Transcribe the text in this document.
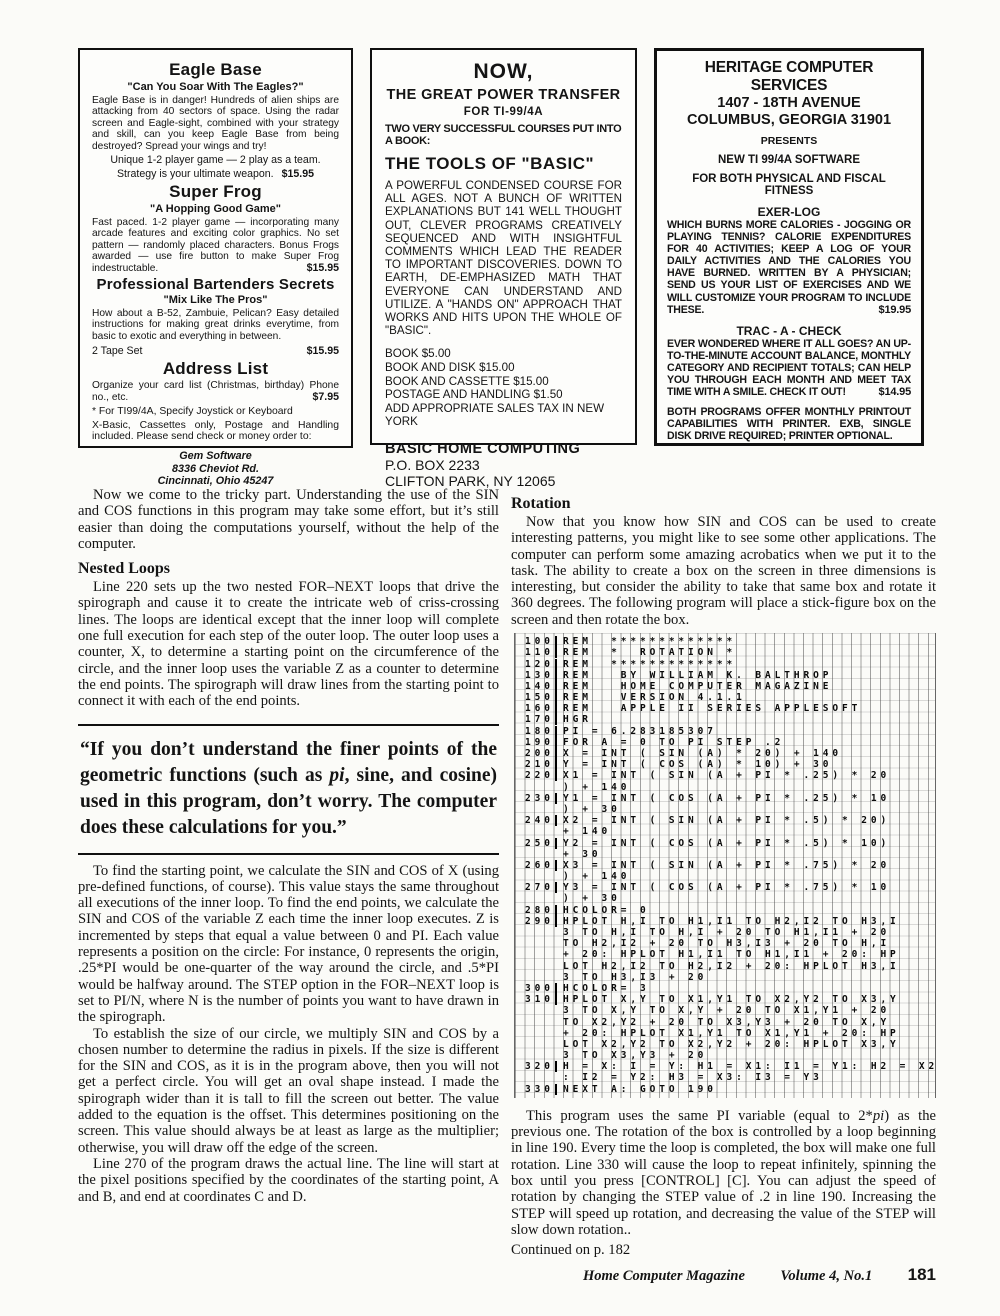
Eagle Base
"Can You Soar With The Eagles?"

Eagle Base is in danger! Hundreds of alien ships are attacking from 40 sectors of space. Using the radar screen and Eagle-sight, combined with your strategy and skill, can you keep Eagle Base from being destroyed? Spread your wings and try!

Unique 1-2 player game — 2 play as a team.
Strategy is your ultimate weapon. $15.95
Super Frog
"A Hopping Good Game"

Fast paced. 1-2 player game — incorporating many arcade features and exciting color graphics. No set pattern — randomly placed characters. Bonus Frogs awarded — use fire button to make Super Frog indestructable.	$15.95

Professional Bartenders Secrets
"Mix Like The Pros"

How about a B-52, Zambuie, Pelican? Easy detailed instructions for making great drinks everytime, from basic to exotic and everything in between.

2 Tape Set	$15.95
Address List

Organize your card list (Christmas, birthday) Phone no., etc.	$7.95

* For TI99/4A, Specify Joystick or Keyboard

X-Basic, Cassettes only, Postage and Handling included. Please send check or money order to:

Gem Software
8336 Cheviot Rd.
Cincinnati, Ohio 45247
NOW,
THE GREAT POWER TRANSFER
FOR TI-99/4A

TWO VERY SUCCESSFUL COURSES PUT INTO A BOOK:

THE TOOLS OF "BASIC"

A POWERFUL CONDENSED COURSE FOR ALL AGES. NOT A BUNCH OF WRITTEN EXPLANATIONS BUT 141 WELL THOUGHT OUT, CLEVER PROGRAMS CREATIVELY SEQUENCED AND WITH INSIGHTFUL COMMENTS WHICH LEAD THE READER TO IMPORTANT DISCOVERIES. DOWN TO EARTH, DE-EMPHASIZED MATH THAT EVERYONE CAN UNDERSTAND AND UTILIZE. A "HANDS ON" APPROACH THAT WORKS AND HITS UPON THE WHOLE OF "BASIC".

BOOK $5.00
BOOK AND DISK $15.00
BOOK AND CASSETTE $15.00
POSTAGE AND HANDLING $1.50
ADD APPROPRIATE SALES TAX IN NEW YORK
BASIC HOME COMPUTING
P.O. BOX 2233
CLIFTON PARK, NY 12065
HERITAGE COMPUTER SERVICES
1407 - 18TH AVENUE
COLUMBUS, GEORGIA 31901
PRESENTS
NEW TI 99/4A SOFTWARE
FOR BOTH PHYSICAL AND FISCAL FITNESS
EXER-LOG

WHICH BURNS MORE CALORIES - JOGGING OR PLAYING TENNIS? CALORIE EXPENDITURES FOR 40 ACTIVITIES; KEEP A LOG OF YOUR DAILY ACTIVITIES AND THE CALORIES YOU HAVE BURNED. WRITTEN BY A PHYSICIAN; SEND US YOUR LIST OF EXERCISES AND WE WILL CUSTOMIZE YOUR PROGRAM TO INCLUDE THESE.	$19.95

TRAC - A - CHECK

EVER WONDERED WHERE IT ALL GOES? AN UP-TO-THE-MINUTE ACCOUNT BALANCE, MONTHLY CATEGORY AND RECIPIENT TOTALS; CAN HELP YOU THROUGH EACH MONTH AND MEET TAX TIME WITH A SMILE. CHECK IT OUT!	$14.95

BOTH PROGRAMS OFFER MONTHLY PRINTOUT CAPABILITIES WITH PRINTER. EXB, SINGLE DISK DRIVE REQUIRED; PRINTER OPTIONAL.

Now we come to the tricky part. Understanding the use of the SIN and COS functions in this program may take some effort, but it’s still easier than doing the computations yourself, without the help of the computer.

Nested Loops

Line 220 sets up the two nested FOR–NEXT loops that drive the spirograph and cause it to create the intricate web of criss-crossing lines. The loops are identical except that the inner loop will complete one full execution for each step of the outer loop. The outer loop uses a counter, X, to determine a starting point on the circumference of the circle, and the inner loop uses the variable Z as a counter to determine the end points. The spirograph will draw lines from the starting point to connect it with each of the end points.

“If you don’t understand the finer points of the geometric functions (such as pi, sine, and cosine) used in this program, don’t worry. The computer does these calculations for you.”

To find the starting point, we calculate the SIN and COS of X (using pre-defined functions, of course). This value stays the same throughout all executions of the inner loop. To find the end points, we calculate the SIN and COS of the variable Z each time the inner loop executes. Z is incremented by steps that equal a value between 0 and PI. Each value represents a position on the circle: For instance, 0 represents the origin, .25*PI would be one-quarter of the way around the circle, and .5*PI would be halfway around. The STEP option in the FOR–NEXT loop is set to PI/N, where N is the number of points you want to have drawn in the spirograph.

To establish the size of our circle, we multiply SIN and COS by a chosen number to determine the radius in pixels. If the size is different for the SIN and COS, as it is in the program above, then you will not get a perfect circle. You will get an oval shape instead. I made the spirograph wider than it is tall to fill the screen out better. The value added to the equation is the offset. This determines positioning on the screen. This value should always be at least as large as the multiplier; otherwise, you will draw off the edge of the screen.

Line 270 of the program draws the actual line. The line will start at the pixel positions specified by the coordinates of the starting point, A and B, and end at coordinates C and D.

Rotation

Now that you know how SIN and COS can be used to create interesting patterns, you might like to see some other applications. The computer can perform some amazing acrobatics when we put it to the task. The ability to create a box on the screen in three dimensions is interesting, but consider the ability to take that same box and rotate it 360 degrees. The following program will place a stick-figure box on the screen and then rotate the box.

100 REM  *************
110 REM  *  ROTATION *
120 REM  *************
130 REM   BY WILLIAM K. BALTHROP
140 REM   HOME COMPUTER MAGAZINE
150 REM   VERSION 4.1.1
160 REM   APPLE II SERIES APPLESOFT
170 HGR
180 PI = 6.283185307
190 FOR A = 0 TO PI STEP .2
200 X = INT ( SIN (A) * 20) + 140
210 Y = INT ( COS (A) * 10) + 30
220 X1 = INT ( SIN (A + PI * .25) * 20
) + 140
230 Y1 = INT ( COS (A + PI * .25) * 10
) + 30
240 X2 = INT ( SIN (A + PI * .5) * 20)
+ 140
250 Y2 = INT ( COS (A + PI * .5) * 10)
+ 30
260 X3 = INT ( SIN (A + PI * .75) * 20
) + 140
270 Y3 = INT ( COS (A + PI * .75) * 10
) + 30
280 HCOLOR= 0
290 HPLOT H,I TO H1,I1 TO H2,I2 TO H3,I
3 TO H,I TO H,I + 20 TO H1,I1 + 20
TO H2,I2 + 20 TO H3,I3 + 20 TO H,I
+ 20: HPLOT H1,I1 TO H1,I1 + 20: HP
LOT H2,I2 TO H2,I2 + 20: HPLOT H3,I
3 TO H3,I3 + 20
300 HCOLOR= 3
310 HPLOT X,Y TO X1,Y1 TO X2,Y2 TO X3,Y
3 TO X,Y TO X,Y + 20 TO X1,Y1 + 20
TO X2,Y2 + 20 TO X3,Y3 + 20 TO X,Y
+ 20: HPLOT X1,Y1 TO X1,Y1 + 20: HP
LOT X2,Y2 TO X2,Y2 + 20: HPLOT X3,Y
3 TO X3,Y3 + 20
320 H = X: I = Y: H1 = X1: I1 = Y1: H2 = X2
: I2 = Y2: H3 = X3: I3 = Y3
330 NEXT A: GOTO 190

This program uses the same PI variable (equal to 2*pi) as the previous one. The rotation of the box is controlled by a loop beginning in line 190. Every time the loop is completed, the box will make one full rotation. Line 330 will cause the loop to repeat infinitely, spinning the box until you press [CONTROL] [C]. You can adjust the speed of rotation by changing the STEP value of .2 in line 190. Increasing the STEP will speed up rotation, and decreasing the value of the STEP will slow down rotation..

Continued on p. 182

Home Computer Magazine Volume 4, No.1 181
